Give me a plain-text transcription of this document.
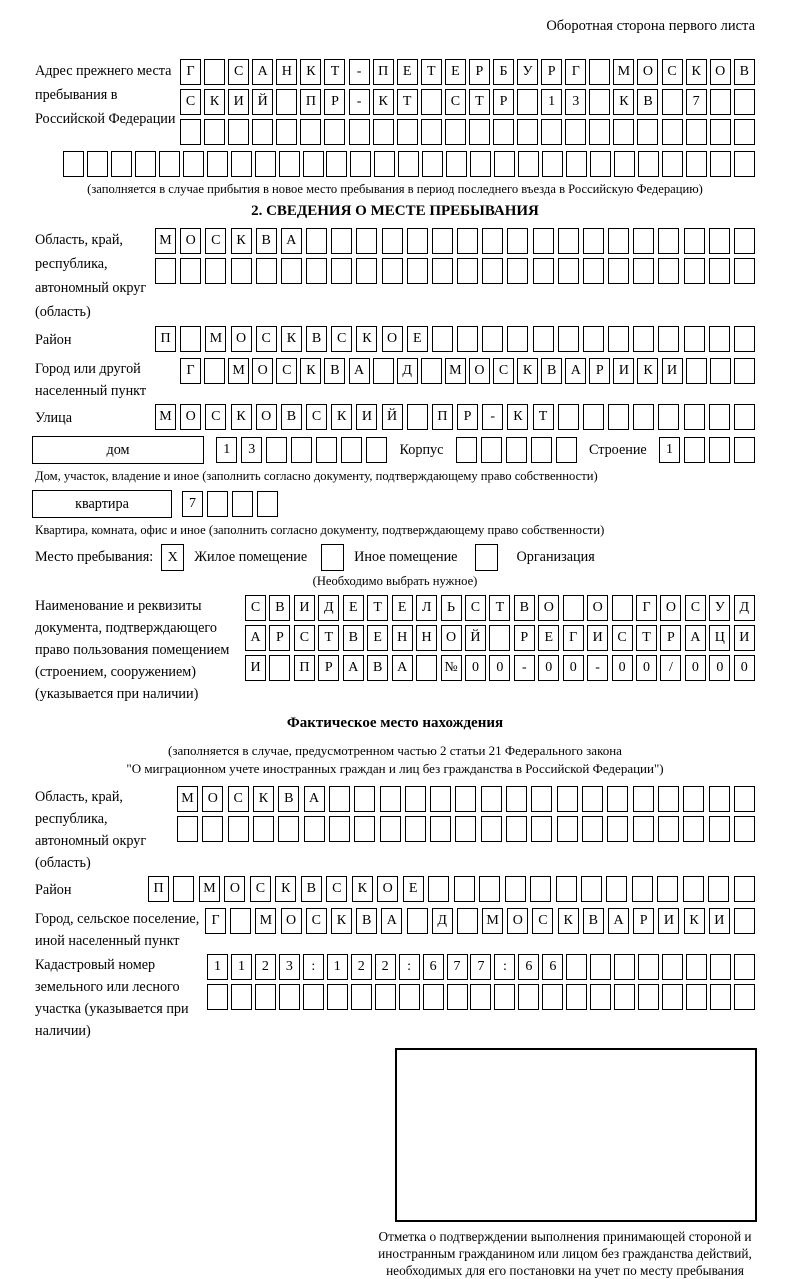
Оборотная сторона первого листа
Адрес прежнего места пребывания в Российской Федерации
Г	С	А Н	К	Т	-	П	Е	Т	Е	Р	Б	У	Р	Г	М О	С	К	О	В
С	К	И Й	П	Р	-	К	Т	С	Т	Р	1	3	К	В	7
(заполняется в случае прибытия в новое место пребывания в период последнего въезда в Российскую Федерацию)
2. СВЕДЕНИЯ О МЕСТЕ ПРЕБЫВАНИЯ
Область, край, республика, автономный округ (область)
М О	С	К	В	А
Район	П	М О	С	К	В	С	К	О	Е
Город или другой населенный пункт
Г	М О	С	К	В	А	Д	М О	С	К	В	А	Р	И	К	И
Улица	М О	С	К	О	В	С	К	И	Й	П	Р	-	К	Т
дом	1	3	Корпус	Строение	1
Дом, участок, владение и иное (заполнить согласно документу, подтверждающему право собственности)
квартира	7
Квартира, комната, офис и иное (заполнить согласно документу, подтверждающему право собственности)
Место пребывания:	X	Жилое помещение	Иное помещение	Организация
(Необходимо выбрать нужное)
Наименование и реквизиты документа, подтверждающего право пользования помещением (строением, сооружением) (указывается при наличии)
С	В	И	Д	Е	Т	Е	Л	Ь	С	Т	В	О	О	Г	О	С	У	Д
А	Р	С	Т	В	Е	Н	Н	О	Й	Р	Е	Г	И	С	Т	Р	А	Ц	И
И	П	Р	А	В	А	№	0	0	-	0	0	-	0	0	/	0	0	0
Фактическое место нахождения
(заполняется в случае, предусмотренном частью 2 статьи 21 Федерального закона
"О миграционном учете иностранных граждан и лиц без гражданства в Российской Федерации")
Область, край, республика, автономный округ (область)
М	О	С	К	В	А
Район	П	М	О	С	К	В	С	К	О	Е
Город, сельское поселение, иной населенный пункт
Г	М О	С	К	В	А	Д	М О	С	К	В	А	Р	И	К	И
Кадастровый номер земельного или лесного участка (указывается при наличии)
1	1	2	3	:	1	2	2	:	6	7	7	:	6	6
Отметка о подтверждении выполнения принимающей стороной и иностранным гражданином или лицом без гражданства действий, необходимых для его постановки на учет по месту пребывания
